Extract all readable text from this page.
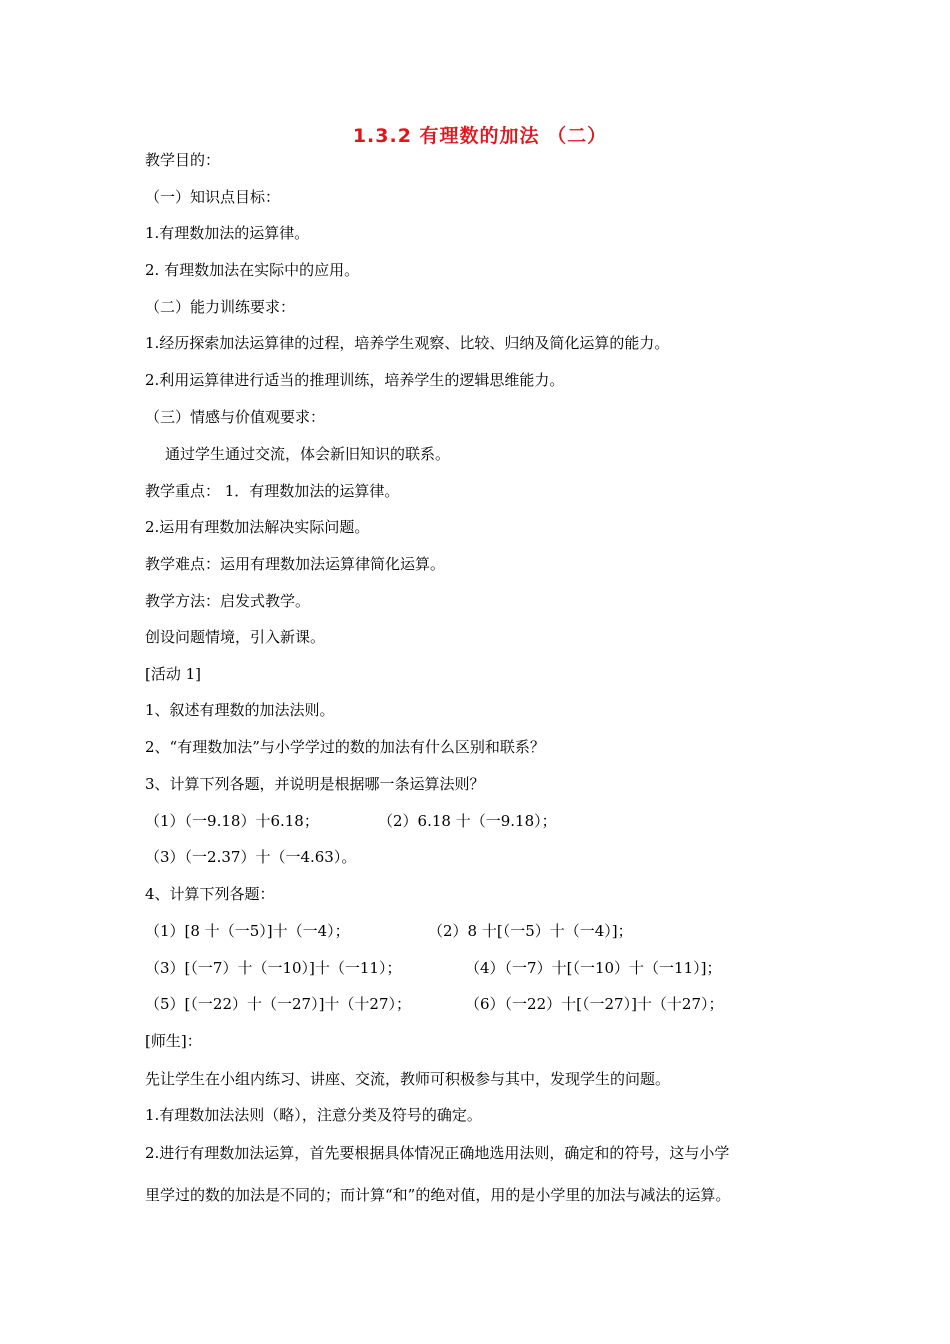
1.3.2 有理数的加法 （二）
教学目的：
（一）知识点目标：
1.有理数加法的运算律。
2. 有理数加法在实际中的应用。
（二）能力训练要求：
1.经历探索加法运算律的过程，培养学生观察、比较、归纳及简化运算的能力。
2.利用运算律进行适当的推理训练，培养学生的逻辑思维能力。
（三）情感与价值观要求：
通过学生通过交流，体会新旧知识的联系。
教学重点： 1．有理数加法的运算律。
2.运用有理数加法解决实际问题。
教学难点：运用有理数加法运算律简化运算。
教学方法：启发式教学。
创设问题情境，引入新课。
[活动 1]
1、叙述有理数的加法法则。
2、“有理数加法”与小学学过的数的加法有什么区别和联系？
3、计算下列各题，并说明是根据哪一条运算法则？
（1）（一9.18）十6.18；	（2）6.18 十（一9.18）；
（3）（一2.37）十（一4.63）。
4、计算下列各题：
（1）[8 十（一5）]十（一4）；	（2）8 十[（一5）十（一4）]；
（3）[（一7）十（一10）]十（一11）；	（4）（一7）十[（一10）十（一11）]；
（5）[（一22）十（一27）]十（十27）；	（6）（一22）十[（一27）]十（十27）；
[师生]：
先让学生在小组内练习、讲座、交流，教师可积极参与其中，发现学生的问题。
1.有理数加法法则（略），注意分类及符号的确定。
2.进行有理数加法运算，首先要根据具体情况正确地选用法则，确定和的符号，这与小学
里学过的数的加法是不同的；而计算“和”的绝对值，用的是小学里的加法与减法的运算。
